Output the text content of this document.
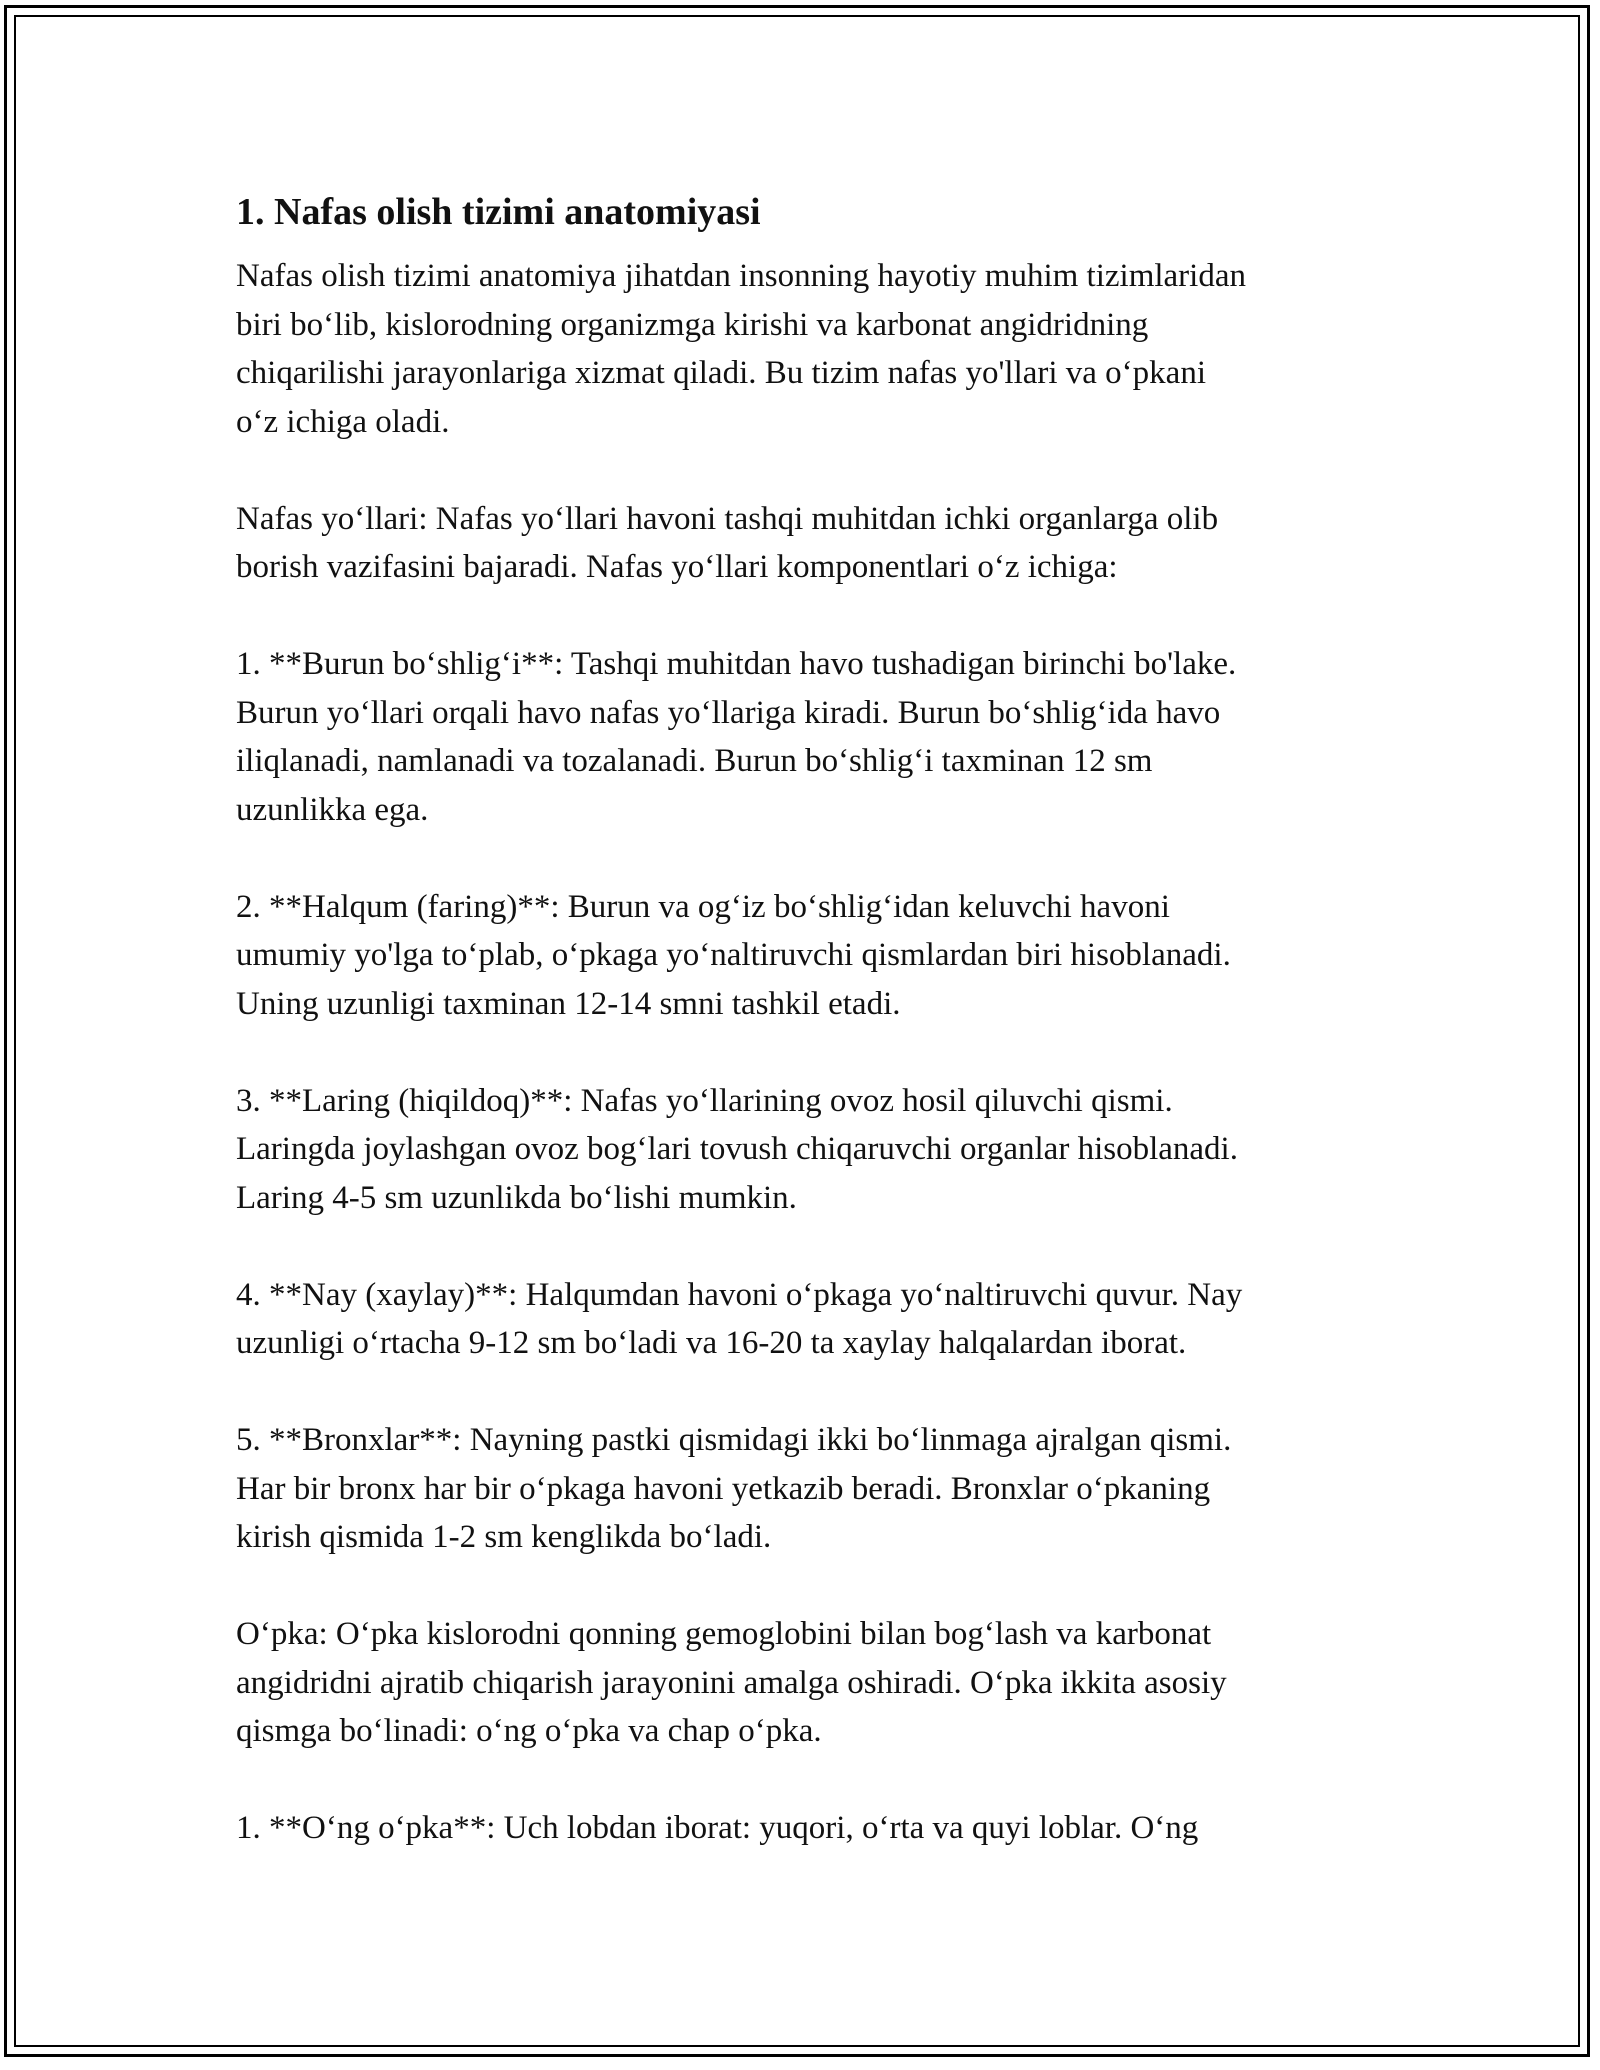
1. Nafas olish tizimi anatomiyasi

Nafas olish tizimi anatomiya jihatdan insonning hayotiy muhim tizimlaridan
biri bo‘lib, kislorodning organizmga kirishi va karbonat angidridning
chiqarilishi jarayonlariga xizmat qiladi. Bu tizim nafas yo'llari va o‘pkani
o‘z ichiga oladi.

Nafas yo‘llari: Nafas yo‘llari havoni tashqi muhitdan ichki organlarga olib
borish vazifasini bajaradi. Nafas yo‘llari komponentlari o‘z ichiga:

1. **Burun bo‘shlig‘i**: Tashqi muhitdan havo tushadigan birinchi bo'lake.
Burun yo‘llari orqali havo nafas yo‘llariga kiradi. Burun bo‘shlig‘ida havo
iliqlanadi, namlanadi va tozalanadi. Burun bo‘shlig‘i taxminan 12 sm
uzunlikka ega.

2. **Halqum (faring)**: Burun va og‘iz bo‘shlig‘idan keluvchi havoni
umumiy yo'lga to‘plab, o‘pkaga yo‘naltiruvchi qismlardan biri hisoblanadi.
Uning uzunligi taxminan 12-14 smni tashkil etadi.

3. **Laring (hiqildoq)**: Nafas yo‘llarining ovoz hosil qiluvchi qismi.
Laringda joylashgan ovoz bog‘lari tovush chiqaruvchi organlar hisoblanadi.
Laring 4-5 sm uzunlikda bo‘lishi mumkin.

4. **Nay (xaylay)**: Halqumdan havoni o‘pkaga yo‘naltiruvchi quvur. Nay
uzunligi o‘rtacha 9-12 sm bo‘ladi va 16-20 ta xaylay halqalardan iborat.

5. **Bronxlar**: Nayning pastki qismidagi ikki bo‘linmaga ajralgan qismi.
Har bir bronx har bir o‘pkaga havoni yetkazib beradi. Bronxlar o‘pkaning
kirish qismida 1-2 sm kenglikda bo‘ladi.

O‘pka: O‘pka kislorodni qonning gemoglobini bilan bog‘lash va karbonat
angidridni ajratib chiqarish jarayonini amalga oshiradi. O‘pka ikkita asosiy
qismga bo‘linadi: o‘ng o‘pka va chap o‘pka.

1. **O‘ng o‘pka**: Uch lobdan iborat: yuqori, o‘rta va quyi loblar. O‘ng
